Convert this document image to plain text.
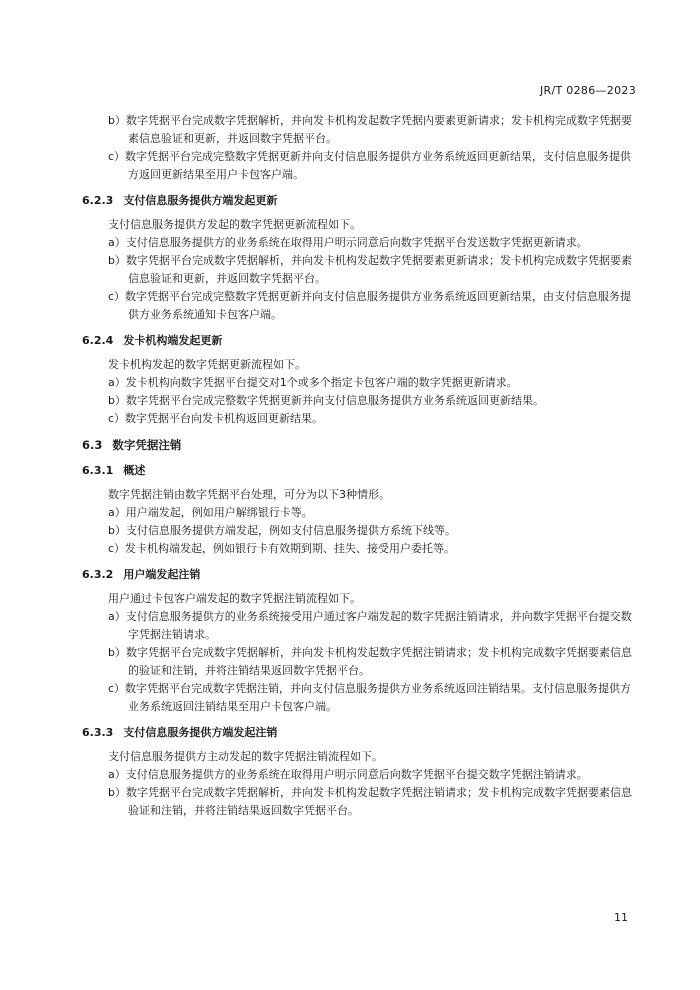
JR/T 0286—2023
b）数字凭据平台完成数字凭据解析，并向发卡机构发起数字凭据内要素更新请求；发卡机构完成数字凭据要素信息验证和更新，并返回数字凭据平台。
c）数字凭据平台完成完整数字凭据更新并向支付信息服务提供方业务系统返回更新结果，支付信息服务提供方返回更新结果至用户卡包客户端。
6.2.3 支付信息服务提供方端发起更新
支付信息服务提供方发起的数字凭据更新流程如下。
a）支付信息服务提供方的业务系统在取得用户明示同意后向数字凭据平台发送数字凭据更新请求。
b）数字凭据平台完成数字凭据解析，并向发卡机构发起数字凭据要素更新请求；发卡机构完成数字凭据要素信息验证和更新，并返回数字凭据平台。
c）数字凭据平台完成完整数字凭据更新并向支付信息服务提供方业务系统返回更新结果，由支付信息服务提供方业务系统通知卡包客户端。
6.2.4 发卡机构端发起更新
发卡机构发起的数字凭据更新流程如下。
a）发卡机构向数字凭据平台提交对1个或多个指定卡包客户端的数字凭据更新请求。
b）数字凭据平台完成完整数字凭据更新并向支付信息服务提供方业务系统返回更新结果。
c）数字凭据平台向发卡机构返回更新结果。
6.3 数字凭据注销
6.3.1 概述
数字凭据注销由数字凭据平台处理，可分为以下3种情形。
a）用户端发起，例如用户解绑银行卡等。
b）支付信息服务提供方端发起，例如支付信息服务提供方系统下线等。
c）发卡机构端发起，例如银行卡有效期到期、挂失、接受用户委托等。
6.3.2 用户端发起注销
用户通过卡包客户端发起的数字凭据注销流程如下。
a）支付信息服务提供方的业务系统接受用户通过客户端发起的数字凭据注销请求，并向数字凭据平台提交数字凭据注销请求。
b）数字凭据平台完成数字凭据解析，并向发卡机构发起数字凭据注销请求；发卡机构完成数字凭据要素信息的验证和注销，并将注销结果返回数字凭据平台。
c）数字凭据平台完成数字凭据注销，并向支付信息服务提供方业务系统返回注销结果。支付信息服务提供方业务系统返回注销结果至用户卡包客户端。
6.3.3 支付信息服务提供方端发起注销
支付信息服务提供方主动发起的数字凭据注销流程如下。
a）支付信息服务提供方的业务系统在取得用户明示同意后向数字凭据平台提交数字凭据注销请求。
b）数字凭据平台完成数字凭据解析，并向发卡机构发起数字凭据注销请求；发卡机构完成数字凭据要素信息验证和注销，并将注销结果返回数字凭据平台。
11
